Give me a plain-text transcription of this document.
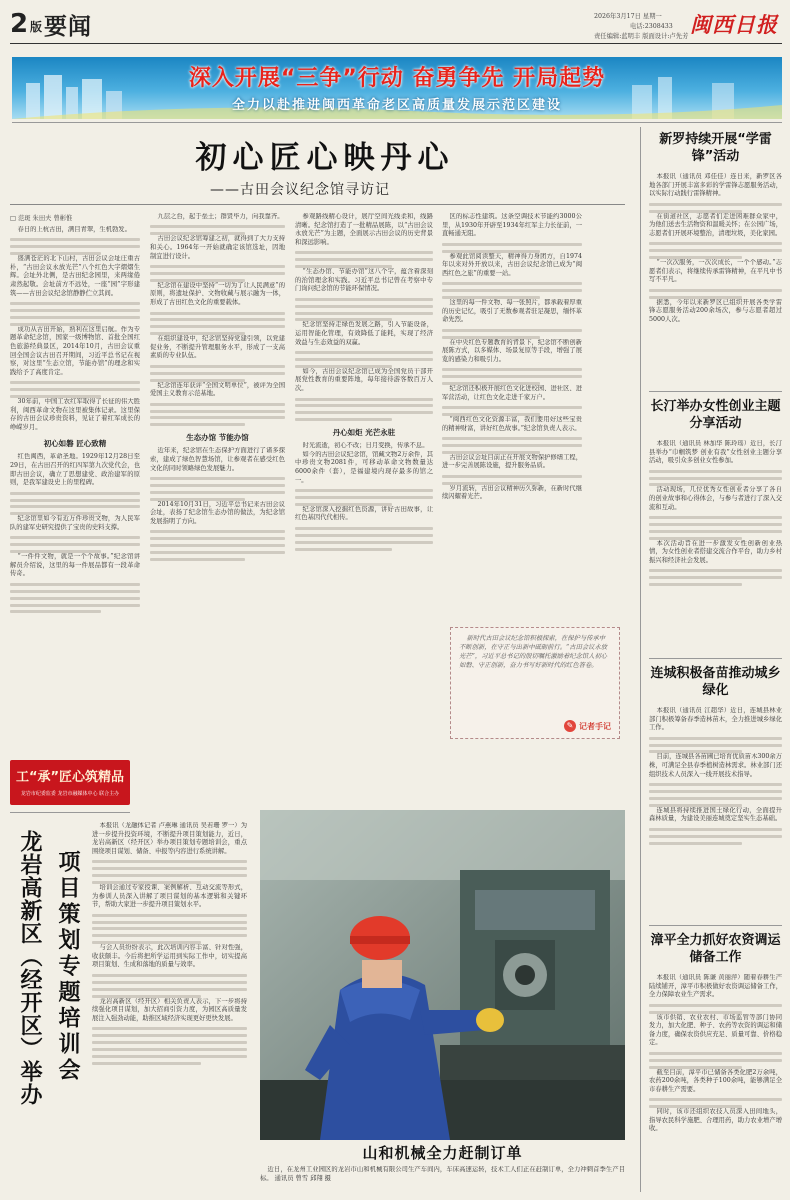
2 版 要闻	2026年3月17日 星期一
电话:2308433
责任编辑:蓝明丰 版面设计:卢先芳 闽西日报
深入开展“三争”行动 奋勇争先 开局起势
全力以赴推进闽西革命老区高质量发展示范区建设
初心匠心映丹心
——古田会议纪念馆寻访记
□ 范斑 朱田夫 曾彬惟

春日的上杭古田，满目青翠，生机勃发。

盛满苍茫的北下山村，古田会议会址庄重古朴，“古田会议永放光芒”八个红色大字熠熠生辉。会址外北侧，是古田纪念园里，来两缘倦肃然起敬。会址前方不远处，一座“园”字形建筑——古田会议纪念馆静静伫立其间。

成功从古田开始，熟利在这里启航。作为专题革命纪念馆，国家一级博物馆、首批全国红色旅游经典景区，2014年10月，古田会议重回全国会议古田召开期间，习近平总书记在视察，对这里“生态立馆，节能办馆”的理念和实践给予了高度肯定。

30年前，中国工农红军取得了长征的伟大胜利，闽西革命文物在这里被集体记录。这里保存的古田会议珍贵资料，见证了着红军成长的峥嵘岁月。

初心如磐 匠心致精

红色闽西，革命圣地。1929年12月28日至29日，在古田召开的红四军第九次党代会，也即古田会议，确立了思想建党、政治建军的原则，是我军建设史上的里程碑。

纪念馆里如今有近万件珍贵文物，为人民军队的建军史研究提供了宝贵的史料支撑。

“一件件文物，就是一个个故事。”纪念馆讲解员介绍说，这里的每一件展品都有一段革命传奇。

九层之台，起于垒土；群贤毕力，向我靠齐。

古田会议纪念馆筹建之初，就得到了大力支持和关心。1964年一开始就确定该馆选址，因地制宜进行设计。

纪念馆在建设中坚持“一切为了让人民满意”的原则，将遗址保护、文物收藏与展示融为一体，形成了古田红色文化的重要载体。

在组织建设中，纪念馆坚持党建引领，以党建促业务，不断提升管理服务水平，形成了一支高素质的专业队伍。

纪念馆连年获评“全国文明单位”，被评为全国爱国主义教育示范基地。

生态办馆 节能办馆

近年来，纪念馆在生态保护方面进行了诸多探索，建成了绿色智慧场馆，让参观者在感受红色文化的同时领略绿色发展魅力。

2014年10月31日，习近平总书记来古田会议会址，表扬了纪念馆生态办馆的做法，为纪念馆发展指明了方向。

参观路线精心设计，展厅空间光线柔和，线路清晰。纪念馆打造了一批精品展陈，以“古田会议永放光芒”为主题，全面展示古田会议的历史背景和深远影响。

“生态办馆、节能办馆”这八个字，蕴含着深刻的治馆理念和实践。习近平总书记曾在考察中专门询问纪念馆的节能环保情况。

纪念馆坚持走绿色发展之路，引入节能设备，运用智能化管理，有效降低了能耗，实现了经济效益与生态效益的双赢。

如今，古田会议纪念馆已成为全国党员干部开展党性教育的重要阵地，每年接待游客数百万人次。

丹心如炬 光芒永驻

时光流逝，初心不改；日月变换，传承不息。

如今的古田会议纪念馆，馆藏文物2万余件，其中珍贵文物2081件，可移动革命文物数量达6000余件（套），是福建境内现存最多的馆之一。

纪念馆深入挖掘红色资源，讲好古田故事，让红色基因代代相传。

区的标志性建筑。这条空调技术节能约3000公里，从1930年开辟至1934年红军主力长征前，一直畅通无阻。

参观此馆阅读整天，精神得力身团方，自1974年以来对外开放以来，古田会议纪念馆已成为“闽西红色之旅”的重要一站。

这里的每一件文物、每一张照片，都承载着厚重的历史记忆，吸引了无数参观者驻足凝思，缅怀革命先烈。

在中央红色专题教育的背景下，纪念馆不断创新展陈方式，以多媒体、场景复原等手段，增强了展览的感染力和吸引力。

纪念馆还积极开展红色文化进校园、进社区、进军营活动，让红色文化走进千家万户。

“闽西红色文化资源丰富，我们要用好这些宝贵的精神财富，讲好红色故事。”纪念馆负责人表示。

古田会议会址目前正在开展文物保护修缮工程，进一步完善展陈设施，提升服务品质。

岁月流转，古田会议精神历久弥新，在新时代继续闪耀着光芒。

新时代古田会议纪念馆积极探索，在保护与传承中不断创新，在守正与出新中砥砺前行。“古田会议永放光芒”，习近平总书记的殷切嘱托激励着纪念馆人初心如磐、守正创新，奋力书写好新时代的红色答卷。

✎ 记者手记
工“承”匠心筑精品
龙岩市纪委监委 龙岩市融媒体中心 联合主办
龙岩高新区（经开区）举办 项目策划专题培训会

本报讯（龙融体记者 卢燕琳 通讯员 吴若珊 罗一）为进一步提升投资环境，不断提升项目策划能力，近日，龙岩高新区（经开区）举办项目策划专题培训会，重点围绕项目谋划、储备、申报等内容进行系统讲解。

培训会通过专家授课、案例解析、互动交流等形式，为参训人员深入讲解了项目谋划的基本逻辑和关键环节，帮助大家进一步提升项目策划水平。

与会人员纷纷表示，此次培训内容丰富、针对性强，收获颇丰。今后将把所学运用到实际工作中，切实提高项目策划、生成和落地的质量与效率。

龙岩高新区（经开区）相关负责人表示，下一步将持续强化项目谋划，加大招商引资力度，为园区高质量发展注入强劲动能，助推区域经济实现更好更快发展。

山和机械全力赶制订单
近日，在龙州工业园区的龙岩市山和机械有限公司生产车间内，车床高速运转，技术工人们正在赶制订单，全力冲刺首季生产目标。 通讯员 曾雪 邱翔 摄
新罗持续开展“学雷锋”活动

本报讯（通讯员 邓佳佳）连日来，新罗区各地各部门开展丰富多彩的学雷锋志愿服务活动，以实际行动践行雷锋精神。

在街道社区，志愿者们走进困难群众家中，为他们送去生活物资和温暖关怀；在公园广场，志愿者们开展环境整治，清理垃圾，美化家园。

“一次次服务，一次次成长，一个个感动。”志愿者们表示，将继续传承雷锋精神，在平凡中书写不平凡。

据悉，今年以来新罗区已组织开展各类学雷锋志愿服务活动200余场次，参与志愿者超过5000人次。

长汀举办女性创业主题分享活动

本报讯（通讯员 林加华 陈玲瑶）近日，长汀县举办“巾帼筑梦 创业有我”女性创业主题分享活动，吸引众多创业女性参加。

活动现场，几位优秀女性创业者分享了各自的创业故事和心得体会，与参与者进行了深入交流和互动。

本次活动旨在进一步激发女性创新创业热情，为女性创业者搭建交流合作平台，助力乡村振兴和经济社会发展。

连城积极备苗推动城乡绿化

本报讯（通讯员 江超华）近日，连城县林业部门积极筹备春季造林苗木，全力推进城乡绿化工作。

目前，连城县各苗圃已培育优质苗木300余万株，可满足全县春季植树造林需求。林业部门还组织技术人员深入一线开展技术指导。

连城县将持续推进国土绿化行动，全面提升森林质量，为建设美丽连城奠定坚实生态基础。

漳平全力抓好农资调运储备工作

本报讯（通讯员 陈谦 黄丽萍）随着春耕生产陆续铺开，漳平市积极做好农资调运储备工作，全力保障农业生产需求。

该市供销、农业农村、市场监管等部门协同发力，加大化肥、种子、农药等农资的调运和储备力度，确保农资供应充足、质量可靠、价格稳定。

截至目前，漳平市已储备各类化肥2万余吨，农药200余吨，各类种子100余吨，能够满足全市春耕生产需要。

同时，该市还组织农技人员深入田间地头，指导农民科学施肥、合理用药，助力农业增产增收。
